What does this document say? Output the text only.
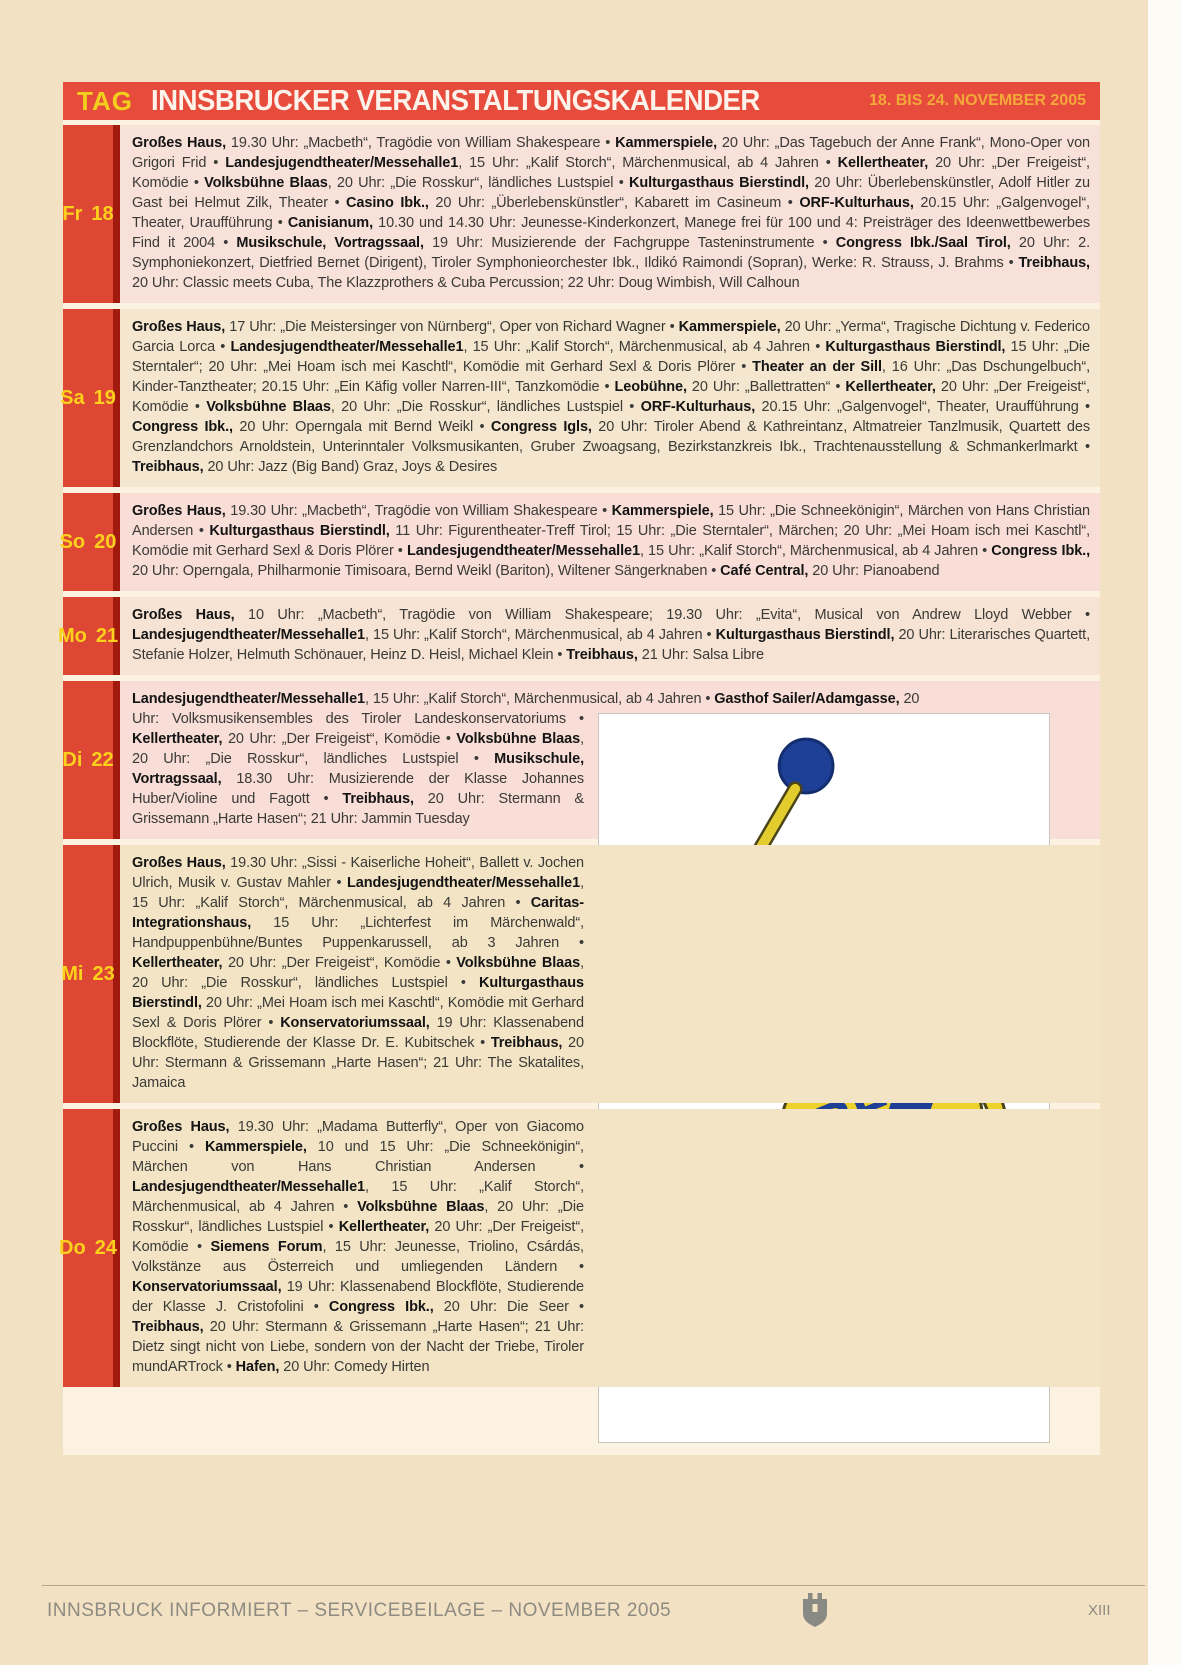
TAG INNSBRUCKER VERANSTALTUNGSKALENDER	18. BIS 24. NOVEMBER 2005
Fr 18
Großes Haus, 19.30 Uhr: „Macbeth“, Tragödie von William Shakespeare • Kammerspiele, 20 Uhr: „Das Tagebuch der Anne Frank“, Mono-Oper von Grigori Frid • Landesjugendtheater/Messehalle1, 15 Uhr: „Kalif Storch“, Märchenmusical, ab 4 Jahren • Kellertheater, 20 Uhr: „Der Freigeist“, Komödie • Volksbühne Blaas, 20 Uhr: „Die Rosskur“, ländliches Lustspiel • Kulturgasthaus Bierstindl, 20 Uhr: Überlebenskünstler, Adolf Hitler zu Gast bei Helmut Zilk, Theater • Casino Ibk., 20 Uhr: „Überlebenskünstler“, Kabarett im Casineum • ORF-Kulturhaus, 20.15 Uhr: „Galgenvogel“, Theater, Uraufführung • Canisianum, 10.30 und 14.30 Uhr: Jeunesse-Kinderkonzert, Manege frei für 100 und 4: Preisträger des Ideenwettbewerbes Find it 2004 • Musikschule, Vortragssaal, 19 Uhr: Musizierende der Fachgruppe Tasteninstrumente • Congress Ibk./Saal Tirol, 20 Uhr: 2. Symphoniekonzert, Dietfried Bernet (Dirigent), Tiroler Symphonieorchester Ibk., Ildikó Raimondi (Sopran), Werke: R. Strauss, J. Brahms • Treibhaus, 20 Uhr: Classic meets Cuba, The Klazzprothers & Cuba Percussion; 22 Uhr: Doug Wimbish, Will Calhoun
Sa 19
Großes Haus, 17 Uhr: „Die Meistersinger von Nürnberg“, Oper von Richard Wagner • Kammerspiele, 20 Uhr: „Yerma“, Tragische Dichtung v. Federico Garcia Lorca • Landesjugendtheater/Messehalle1, 15 Uhr: „Kalif Storch“, Märchenmusical, ab 4 Jahren • Kulturgasthaus Bierstindl, 15 Uhr: „Die Sterntaler“; 20 Uhr: „Mei Hoam isch mei Kaschtl“, Komödie mit Gerhard Sexl & Doris Plörer • Theater an der Sill, 16 Uhr: „Das Dschungelbuch“, Kinder-Tanztheater; 20.15 Uhr: „Ein Käfig voller Narren-III“, Tanzkomödie • Leobühne, 20 Uhr: „Ballettratten“ • Kellertheater, 20 Uhr: „Der Freigeist“, Komödie • Volksbühne Blaas, 20 Uhr: „Die Rosskur“, ländliches Lustspiel • ORF-Kulturhaus, 20.15 Uhr: „Galgenvogel“, Theater, Uraufführung • Congress Ibk., 20 Uhr: Operngala mit Bernd Weikl • Congress Igls, 20 Uhr: Tiroler Abend & Kathreintanz, Altmatreier Tanzlmusik, Quartett des Grenzlandchors Arnoldstein, Unterinntaler Volksmusikanten, Gruber Zwoagsang, Bezirkstanzkreis Ibk., Trachtenausstellung & Schmankerlmarkt • Treibhaus, 20 Uhr: Jazz (Big Band) Graz, Joys & Desires
So 20
Großes Haus, 19.30 Uhr: „Macbeth“, Tragödie von William Shakespeare • Kammerspiele, 15 Uhr: „Die Schneekönigin“, Märchen von Hans Christian Andersen • Kulturgasthaus Bierstindl, 11 Uhr: Figurentheater-Treff Tirol; 15 Uhr: „Die Sterntaler“, Märchen; 20 Uhr: „Mei Hoam isch mei Kaschtl“, Komödie mit Gerhard Sexl & Doris Plörer • Landesjugendtheater/Messehalle1, 15 Uhr: „Kalif Storch“, Märchenmusical, ab 4 Jahren • Congress Ibk., 20 Uhr: Operngala, Philharmonie Timisoara, Bernd Weikl (Bariton), Wiltener Sängerknaben • Café Central, 20 Uhr: Pianoabend
Mo 21
Großes Haus, 10 Uhr: „Macbeth“, Tragödie von William Shakespeare; 19.30 Uhr: „Evita“, Musical von Andrew Lloyd Webber • Landesjugendtheater/Messehalle1, 15 Uhr: „Kalif Storch“, Märchenmusical, ab 4 Jahren • Kulturgasthaus Bierstindl, 20 Uhr: Literarisches Quartett, Stefanie Holzer, Helmuth Schönauer, Heinz D. Heisl, Michael Klein • Treibhaus, 21 Uhr: Salsa Libre
Di 22
Landesjugendtheater/Messehalle1, 15 Uhr: „Kalif Storch“, Märchenmusical, ab 4 Jahren • Gasthof Sailer/Adamgasse, 20
Uhr: Volksmusikensembles des Tiroler Landeskonservatoriums • Kellertheater, 20 Uhr: „Der Freigeist“, Komödie • Volksbühne Blaas, 20 Uhr: „Die Rosskur“, ländliches Lustspiel • Musikschule, Vortragssaal, 18.30 Uhr: Musizierende der Klasse Johannes Huber/Violine und Fagott • Treibhaus, 20 Uhr: Stermann & Grissemann „Harte Hasen“; 21 Uhr: Jammin Tuesday
Mi 23
Großes Haus, 19.30 Uhr: „Sissi - Kaiserliche Hoheit“, Ballett v. Jochen Ulrich, Musik v. Gustav Mahler • Landesjugendtheater/Messehalle1, 15 Uhr: „Kalif Storch“, Märchenmusical, ab 4 Jahren • Caritas-Integrationshaus, 15 Uhr: „Lichterfest im Märchenwald“, Handpuppenbühne/Buntes Puppenkarussell, ab 3 Jahren • Kellertheater, 20 Uhr: „Der Freigeist“, Komödie • Volksbühne Blaas, 20 Uhr: „Die Rosskur“, ländliches Lustspiel • Kulturgasthaus Bierstindl, 20 Uhr: „Mei Hoam isch mei Kaschtl“, Komödie mit Gerhard Sexl & Doris Plörer • Konservatoriumssaal, 19 Uhr: Klassenabend Blockflöte, Studierende der Klasse Dr. E. Kubitschek • Treibhaus, 20 Uhr: Stermann & Grissemann „Harte Hasen“; 21 Uhr: The Skatalites, Jamaica
Do 24
Großes Haus, 19.30 Uhr: „Madama Butterfly“, Oper von Giacomo Puccini • Kammerspiele, 10 und 15 Uhr: „Die Schneekönigin“, Märchen von Hans Christian Andersen • Landesjugendtheater/Messehalle1, 15 Uhr: „Kalif Storch“, Märchenmusical, ab 4 Jahren • Volksbühne Blaas, 20 Uhr: „Die Rosskur“, ländliches Lustspiel • Kellertheater, 20 Uhr: „Der Freigeist“, Komödie • Siemens Forum, 15 Uhr: Jeunesse, Triolino, Csárdás, Volkstänze aus Österreich und umliegenden Ländern • Konservatoriumssaal, 19 Uhr: Klassenabend Blockflöte, Studierende der Klasse J. Cristofolini • Congress Ibk., 20 Uhr: Die Seer • Treibhaus, 20 Uhr: Stermann & Grissemann „Harte Hasen“; 21 Uhr: Dietz singt nicht von Liebe, sondern von der Nacht der Triebe, Tiroler mundARTrock • Hafen, 20 Uhr: Comedy Hirten
INNSBRUCK INFORMIERT – SERVICEBEILAGE – NOVEMBER 2005	XIII
